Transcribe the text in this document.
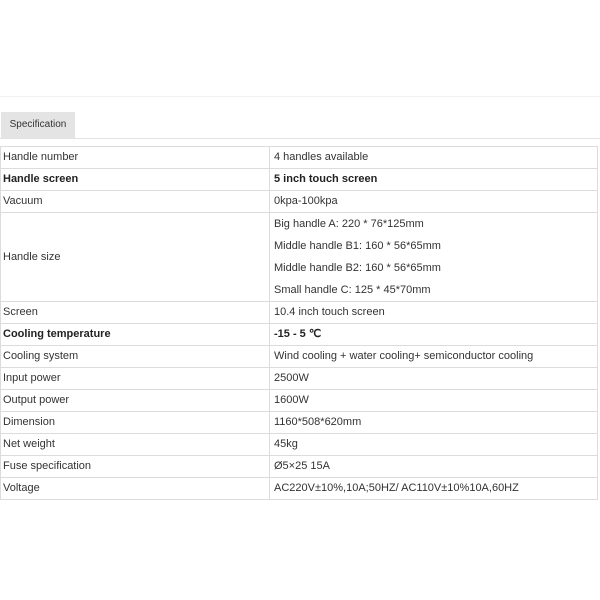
Specification
Handle number	4 handles available
Handle screen	5 inch touch screen
Vacuum	0kpa-100kpa
Handle size	Big handle A: 220 * 76*125mm
Middle handle B1: 160 * 56*65mm
Middle handle B2: 160 * 56*65mm
Small handle C: 125 * 45*70mm

Screen	10.4 inch touch screen
Cooling temperature	-15 - 5 ℃
Cooling system	Wind cooling + water cooling+ semiconductor cooling
Input power	2500W
Output power	1600W
Dimension	1160*508*620mm
Net weight	45kg
Fuse specification	Ø5×25 15A
Voltage	AC220V±10%,10A;50HZ/ AC110V±10%10A,60HZ
